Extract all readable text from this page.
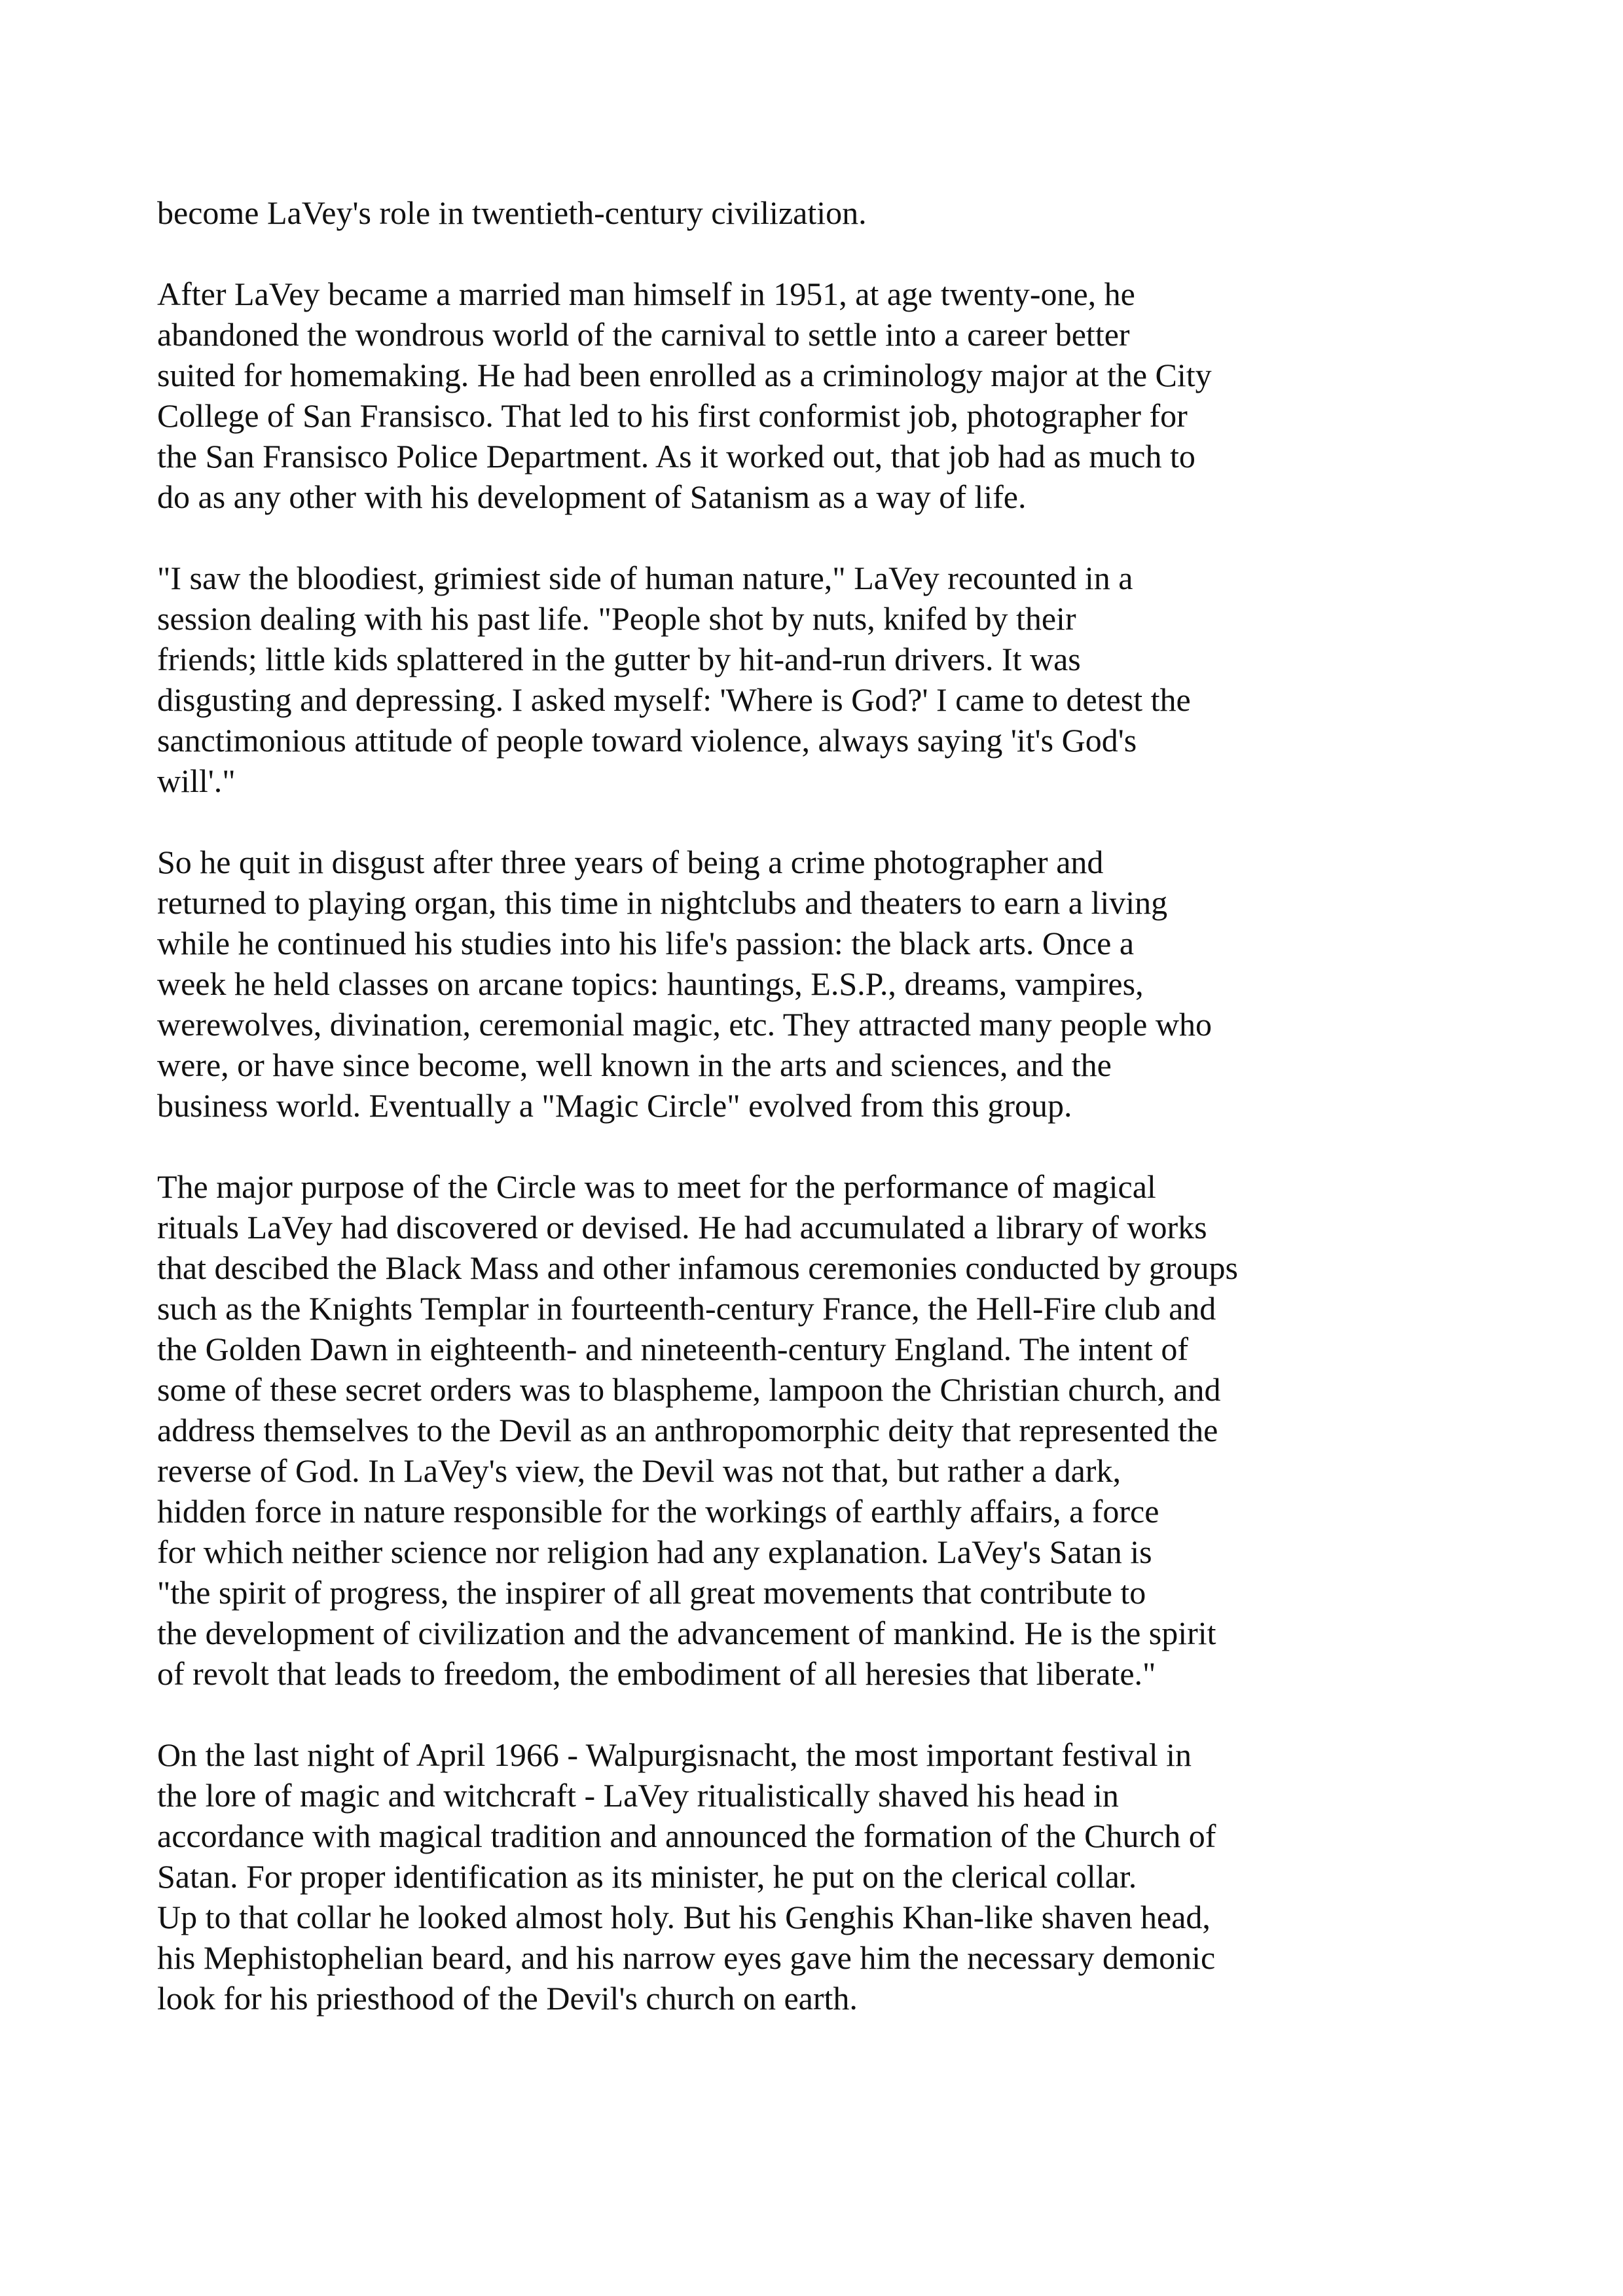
become LaVey's role in twentieth-century civilization.

After LaVey became a married man himself in 1951, at age twenty-one, he
abandoned the wondrous world of the carnival to settle into a career better
suited for homemaking. He had been enrolled as a criminology major at the City
College of San Fransisco. That led to his first conformist job, photographer for
the San Fransisco Police Department. As it worked out, that job had as much to
do as any other with his development of Satanism as a way of life.

"I saw the bloodiest, grimiest side of human nature," LaVey recounted in a
session dealing with his past life. "People shot by nuts, knifed by their
friends; little kids splattered in the gutter by hit-and-run drivers. It was
disgusting and depressing. I asked myself: 'Where is God?' I came to detest the
sanctimonious attitude of people toward violence, always saying 'it's God's
will'."

So he quit in disgust after three years of being a crime photographer and
returned to playing organ, this time in nightclubs and theaters to earn a living
while he continued his studies into his life's passion: the black arts. Once a
week he held classes on arcane topics: hauntings, E.S.P., dreams, vampires,
werewolves, divination, ceremonial magic, etc. They attracted many people who
were, or have since become, well known in the arts and sciences, and the
business world. Eventually a "Magic Circle" evolved from this group.

The major purpose of the Circle was to meet for the performance of magical
rituals LaVey had discovered or devised. He had accumulated a library of works
that descibed the Black Mass and other infamous ceremonies conducted by groups
such as the Knights Templar in fourteenth-century France, the Hell-Fire club and
the Golden Dawn in eighteenth- and nineteenth-century England. The intent of
some of these secret orders was to blaspheme, lampoon the Christian church, and
address themselves to the Devil as an anthropomorphic deity that represented the
reverse of God. In LaVey's view, the Devil was not that, but rather a dark,
hidden force in nature responsible for the workings of earthly affairs, a force
for which neither science nor religion had any explanation. LaVey's Satan is
"the spirit of progress, the inspirer of all great movements that contribute to
the development of civilization and the advancement of mankind. He is the spirit
of revolt that leads to freedom, the embodiment of all heresies that liberate."

On the last night of April 1966 - Walpurgisnacht, the most important festival in
the lore of magic and witchcraft - LaVey ritualistically shaved his head in
accordance with magical tradition and announced the formation of the Church of
Satan. For proper identification as its minister, he put on the clerical collar.
Up to that collar he looked almost holy. But his Genghis Khan-like shaven head,
his Mephistophelian beard, and his narrow eyes gave him the necessary demonic
look for his priesthood of the Devil's church on earth.
